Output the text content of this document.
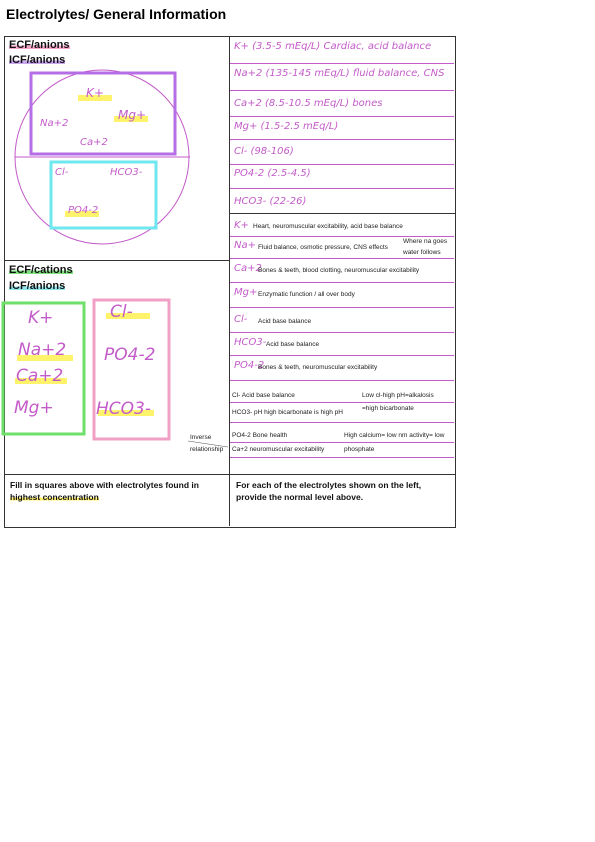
Electrolytes/ General Information
ECF/anions
ICF/anions
Na+2
K+
Mg+
Ca+2
Cl-	HCO3-
PO4-2
ECF/cations
ICF/anions
K+
Na+2
Ca+2
Mg+
Cl-
PO4-2
HCO3-
K+ (3.5-5 mEq/L) Cardiac, acid balance
Na+2 (135-145 mEq/L) fluid balance, CNS
Ca+2 (8.5-10.5 mEq/L) bones
Mg+ (1.5-2.5 mEq/L)
Cl- (98-106)
PO4-2 (2.5-4.5)
HCO3- (22-26)
K+ Heart, neuromuscular excitability, acid base balance
Na+ Fluid balance, osmotic pressure, CNS effects
Where na goes water follows
Ca+2
Bones & teeth, blood clotting, neuromuscular excitability
Mg+ Enzymatic function / all over body
Cl- Acid base balance
HCO3- Acid base balance
PO4-2
Bones & teeth, neuromuscular excitability
Cl- Acid base balance	Low cl-high pH=alkalosis
HCO3- pH high bicarbonate is high pH
=high bicarbonate
PO4-2 Bone health	High calcium= low nm activity= low
Ca+2 neuromuscular excitability	phosphate
Inverse
relationship
Fill in squares above with electrolytes found in
highest concentration
For each of the electrolytes shown on the left,
provide the normal level above.
